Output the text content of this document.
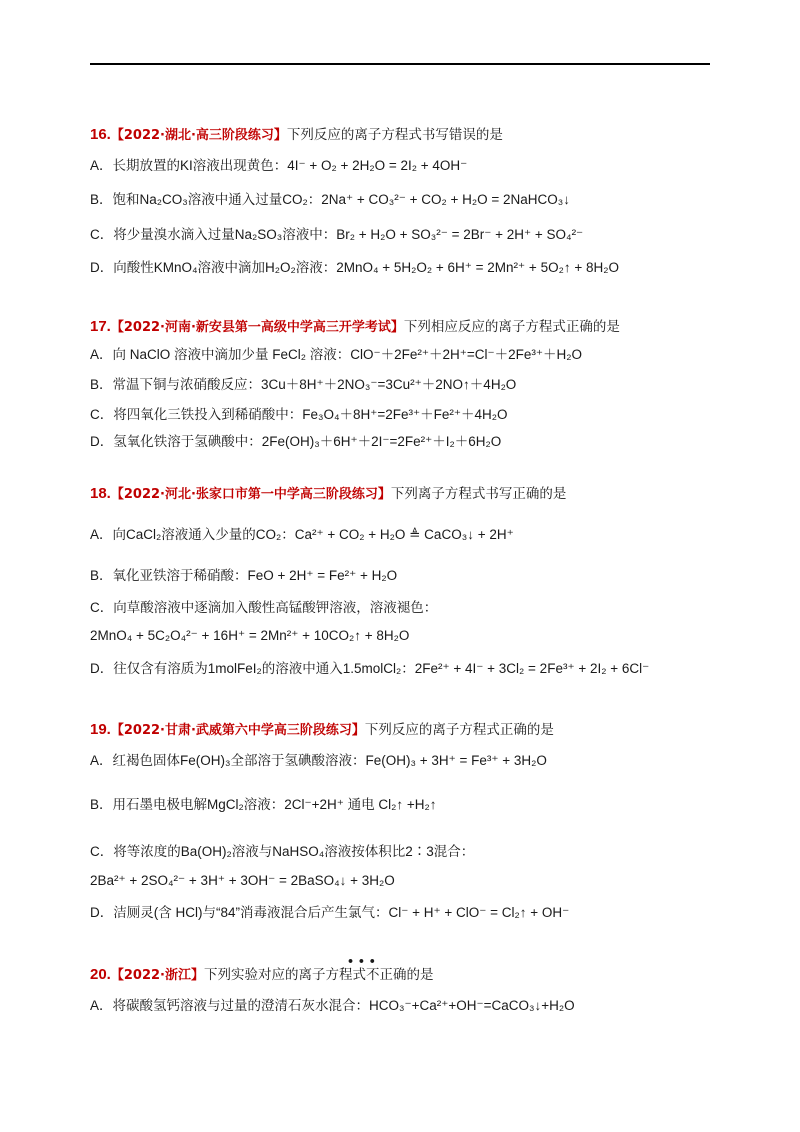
16.【2022·湖北·高三阶段练习】下列反应的离子方程式书写错误的是
A．长期放置的KI溶液出现黄色：4I⁻ + O₂ + 2H₂O = 2I₂ + 4OH⁻
B．饱和Na₂CO₃溶液中通入过量CO₂：2Na⁺ + CO₃²⁻ + CO₂ + H₂O = 2NaHCO₃↓
C．将少量溴水滴入过量Na₂SO₃溶液中：Br₂ + H₂O + SO₃²⁻ = 2Br⁻ + 2H⁺ + SO₄²⁻
D．向酸性KMnO₄溶液中滴加H₂O₂溶液：2MnO₄ + 5H₂O₂ + 6H⁺ = 2Mn²⁺ + 5O₂↑ + 8H₂O
17.【2022·河南·新安县第一高级中学高三开学考试】下列相应反应的离子方程式正确的是
A．向 NaClO 溶液中滴加少量 FeCl₂ 溶液：ClO⁻＋2Fe²⁺＋2H⁺=Cl⁻＋2Fe³⁺＋H₂O
B．常温下铜与浓硝酸反应：3Cu＋8H⁺＋2NO₃⁻=3Cu²⁺＋2NO↑＋4H₂O
C．将四氧化三铁投入到稀硝酸中：Fe₃O₄＋8H⁺=2Fe³⁺＋Fe²⁺＋4H₂O
D．氢氧化铁溶于氢碘酸中：2Fe(OH)₃＋6H⁺＋2I⁻=2Fe²⁺＋I₂＋6H₂O
18.【2022·河北·张家口市第一中学高三阶段练习】下列离子方程式书写正确的是
A．向CaCl₂溶液通入少量的CO₂：Ca²⁺ + CO₂ + H₂O ≜ CaCO₃↓ + 2H⁺
B．氧化亚铁溶于稀硝酸：FeO + 2H⁺ = Fe²⁺ + H₂O
C．向草酸溶液中逐滴加入酸性高锰酸钾溶液，溶液褪色：
2MnO₄ + 5C₂O₄²⁻ + 16H⁺ = 2Mn²⁺ + 10CO₂↑ + 8H₂O
D．往仅含有溶质为1molFeI₂的溶液中通入1.5molCl₂：2Fe²⁺ + 4I⁻ + 3Cl₂ = 2Fe³⁺ + 2I₂ + 6Cl⁻
19.【2022·甘肃·武威第六中学高三阶段练习】下列反应的离子方程式正确的是
A．红褐色固体Fe(OH)₃全部溶于氢碘酸溶液：Fe(OH)₃ + 3H⁺ = Fe³⁺ + 3H₂O
B．用石墨电极电解MgCl₂溶液：2Cl⁻+2H⁺ 通电 Cl₂↑ +H₂↑
C．将等浓度的Ba(OH)₂溶液与NaHSO₄溶液按体积比2∶3混合：
2Ba²⁺ + 2SO₄²⁻ + 3H⁺ + 3OH⁻ = 2BaSO₄↓ + 3H₂O
D．洁厕灵(含 HCl)与“84”消毒液混合后产生氯气：Cl⁻ + H⁺ + ClO⁻ = Cl₂↑ + OH⁻
• • •
20.【2022·浙江】下列实验对应的离子方程式不正确的是
A．将碳酸氢钙溶液与过量的澄清石灰水混合：HCO₃⁻+Ca²⁺+OH⁻=CaCO₃↓+H₂O
